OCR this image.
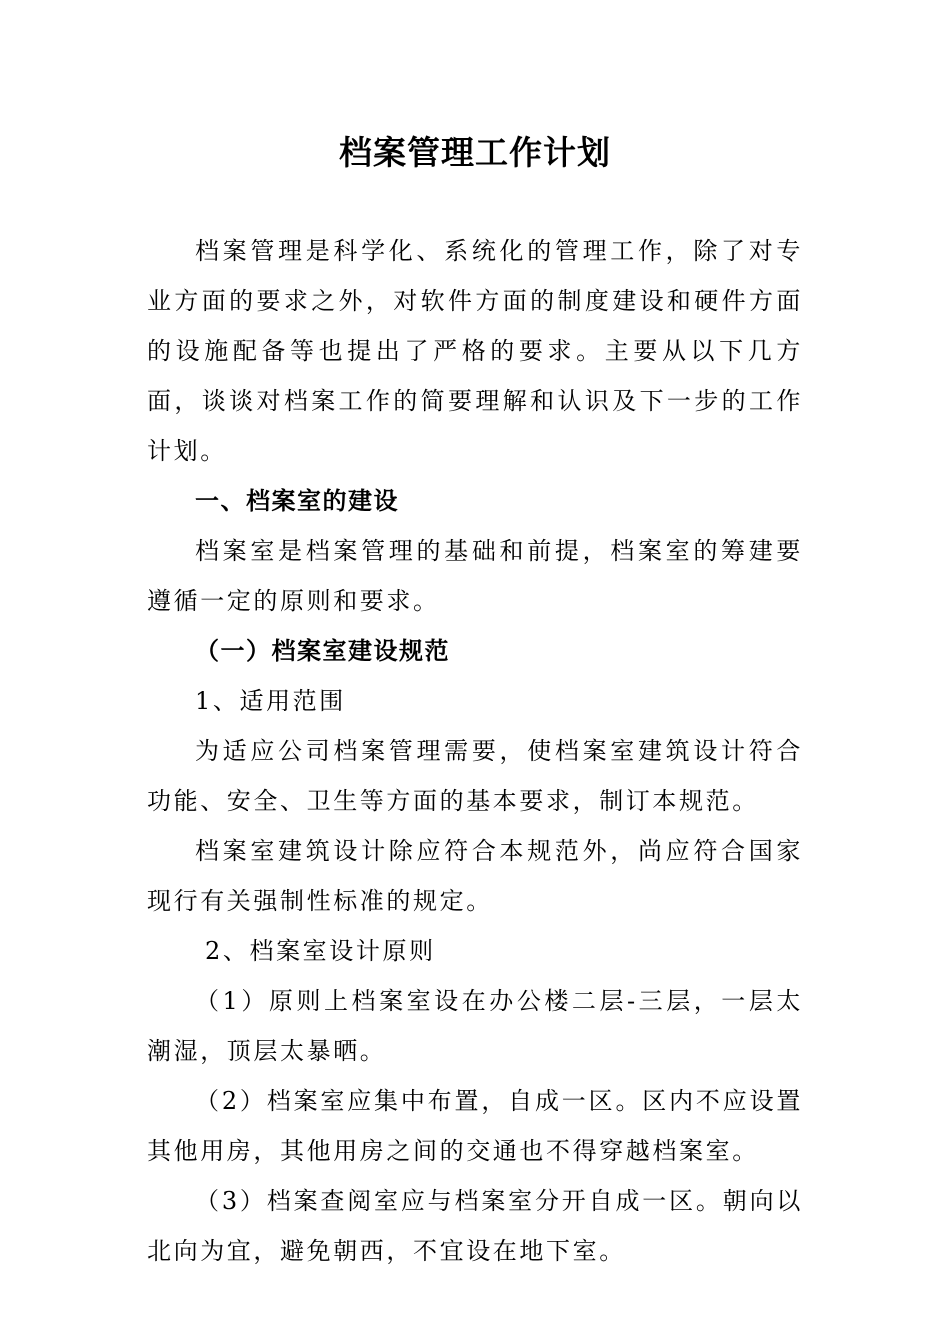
档案管理工作计划

档案管理是科学化、系统化的管理工作，除了对专业方面的要求之外，对软件方面的制度建设和硬件方面的设施配备等也提出了严格的要求。主要从以下几方面，谈谈对档案工作的简要理解和认识及下一步的工作计划。

一、档案室的建设

档案室是档案管理的基础和前提，档案室的筹建要遵循一定的原则和要求。

（一）档案室建设规范

1、适用范围

为适应公司档案管理需要，使档案室建筑设计符合功能、安全、卫生等方面的基本要求，制订本规范。

档案室建筑设计除应符合本规范外，尚应符合国家现行有关强制性标准的规定。

2、档案室设计原则

（1）原则上档案室设在办公楼二层-三层，一层太潮湿，顶层太暴晒。

（2）档案室应集中布置，自成一区。区内不应设置其他用房，其他用房之间的交通也不得穿越档案室。

（3）档案查阅室应与档案室分开自成一区。朝向以北向为宜，避免朝西，不宜设在地下室。
